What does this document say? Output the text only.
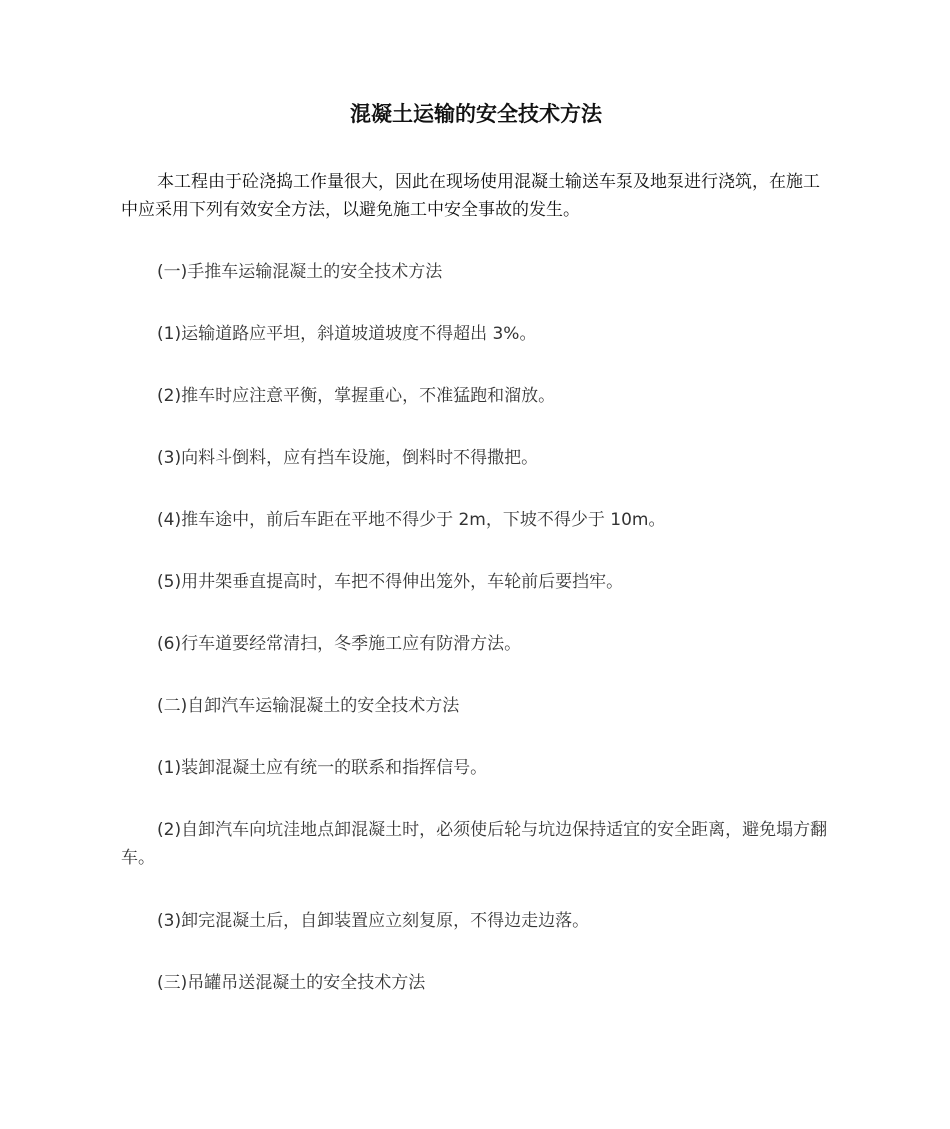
混凝土运输的安全技术方法

本工程由于砼浇捣工作量很大，因此在现场使用混凝土输送车泵及地泵进行浇筑，在施工中应采用下列有效安全方法，以避免施工中安全事故的发生。

(一)手推车运输混凝土的安全技术方法

(1)运输道路应平坦，斜道坡道坡度不得超出 3%。

(2)推车时应注意平衡，掌握重心，不准猛跑和溜放。

(3)向料斗倒料，应有挡车设施，倒料时不得撒把。

(4)推车途中，前后车距在平地不得少于 2m，下坡不得少于 10m。

(5)用井架垂直提高时，车把不得伸出笼外，车轮前后要挡牢。

(6)行车道要经常清扫，冬季施工应有防滑方法。

(二)自卸汽车运输混凝土的安全技术方法

(1)装卸混凝土应有统一的联系和指挥信号。

(2)自卸汽车向坑洼地点卸混凝土时，必须使后轮与坑边保持适宜的安全距离，避免塌方翻车。

(3)卸完混凝土后，自卸装置应立刻复原，不得边走边落。

(三)吊罐吊送混凝土的安全技术方法
